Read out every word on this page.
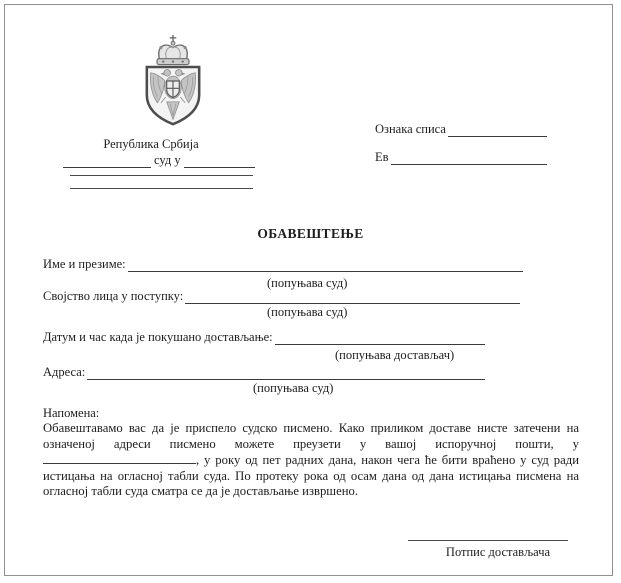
Република Србија
суд у
Ознака списа
Ев
ОБАВЕШТЕЊЕ
Име и презиме:
(попуњава суд)
Својство лица у поступку:
(попуњава суд)
Датум и час када је покушано достављање:
(попуњава достављач)
Адреса:
(попуњава суд)
Напомена:
Обавештавамо вас да је приспело судско писмено. Како приликом доставе нисте затечени на означеној адреси писмено можете преузети у вашој испоручној пошти, у, у року од пет радних дана, након чега ће бити враћено у суд ради истицања на огласној табли суда. По протеку рока од осам дана од дана истицања писмена на огласној табли суда сматра се да је достављање извршено.
Потпис достављача
